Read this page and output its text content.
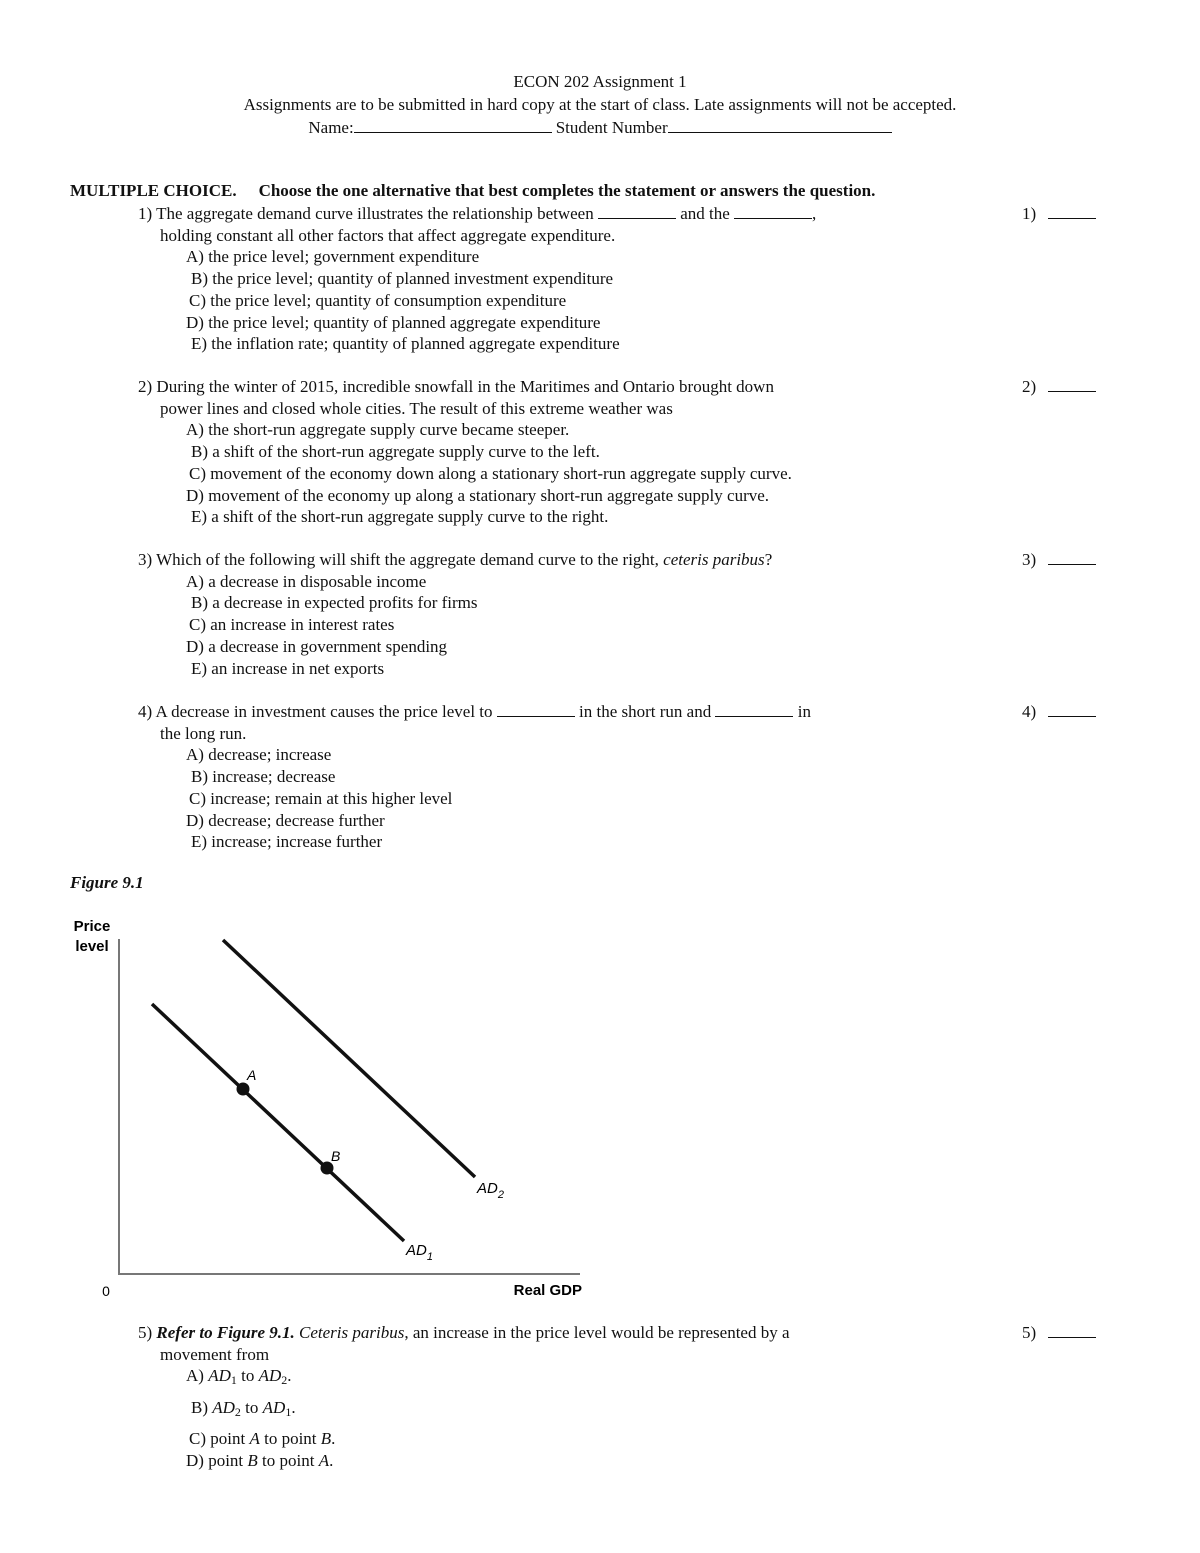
ECON 202 Assignment 1
Assignments are to be submitted in hard copy at the start of class. Late assignments will not be accepted.
Name:	Student Number
MULTIPLE CHOICE. Choose the one alternative that best completes the statement or answers the question.
1) The aggregate demand curve illustrates the relationship between	and the	,
holding constant all other factors that affect aggregate expenditure.
A) the price level; government expenditure
B) the price level; quantity of planned investment expenditure
C) the price level; quantity of consumption expenditure
D) the price level; quantity of planned aggregate expenditure
E) the inflation rate; quantity of planned aggregate expenditure
1)
2) During the winter of 2015, incredible snowfall in the Maritimes and Ontario brought down
power lines and closed whole cities. The result of this extreme weather was
A) the short-run aggregate supply curve became steeper.
B) a shift of the short-run aggregate supply curve to the left.
C) movement of the economy down along a stationary short-run aggregate supply curve.
D) movement of the economy up along a stationary short-run aggregate supply curve.
E) a shift of the short-run aggregate supply curve to the right.
2)
3) Which of the following will shift the aggregate demand curve to the right, ceteris paribus?
A) a decrease in disposable income
B) a decrease in expected profits for firms
C) an increase in interest rates
D) a decrease in government spending
E) an increase in net exports
3)
4) A decrease in investment causes the price level to	in the short run and	in
the long run.
A) decrease; increase
B) increase; decrease
C) increase; remain at this higher level
D) decrease; decrease further
E) increase; increase further
4)
Figure 9.1
Price
level
0	Real GDP
A
B
$AD_2$
$AD_1$
5) Refer to Figure 9.1. Ceteris paribus, an increase in the price level would be represented by a
movement from
A) $AD_1$ to $AD_2$.
B) $AD_2$ to $AD_1$.
C) point A to point B.
D) point B to point A.
5)
